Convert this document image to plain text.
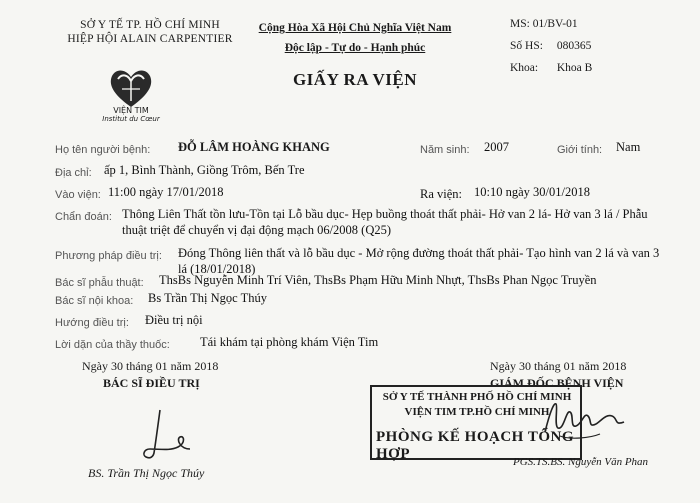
SỞ Y TẾ TP. HỒ CHÍ MINH
HIỆP HỘI ALAIN CARPENTIER
VIỆN TIM
Institut du Cœur
Cộng Hòa Xã Hội Chủ Nghĩa Việt Nam
Độc lập - Tự do - Hạnh phúc
GIẤY RA VIỆN
MS: 01/BV-01
Số HS: 080365
Khoa: Khoa B
Họ tên người bệnh: ĐỖ LÂM HOÀNG KHANG	Năm sinh: 2007	Giới tính: Nam
Địa chỉ: ấp 1, Bình Thành, Giồng Trôm, Bến Tre
Vào viện: 11:00 ngày 17/01/2018	Ra viện: 10:10 ngày 30/01/2018
Chẩn đoán: Thông Liên Thất tồn lưu-Tồn tại Lỗ bầu dục- Hẹp buồng thoát thất phải- Hở van 2 lá- Hở van 3 lá / Phẫu
thuật triệt để chuyển vị đại động mạch 06/2008 (Q25)
Phương pháp điều trị: Đóng Thông liên thất và lỗ bầu dục - Mở rộng đường thoát thất phải- Tạo hình van 2 lá và van 3
lá (18/01/2018)
Bác sĩ phẫu thuật: ThsBs Nguyễn Minh Trí Viên, ThsBs Phạm Hữu Minh Nhựt, ThsBs Phan Ngọc Truyền
Bác sĩ nội khoa: Bs Trần Thị Ngọc Thúy
Hướng điều trị: Điều trị nội
Lời dặn của thầy thuốc: Tái khám tại phòng khám Viện Tim
Ngày 30 tháng 01 năm 2018
BÁC SĨ ĐIỀU TRỊ
BS. Trần Thị Ngọc Thúy
Ngày 30 tháng 01 năm 2018
GIÁM ĐỐC BỆNH VIỆN
SỞ Y TẾ THÀNH PHỐ HỒ CHÍ MINH
VIỆN TIM TP.HỒ CHÍ MINH
PHÒNG KẾ HOẠCH TỔNG HỢP	PGS.TS.BS. Nguyễn Văn Phan
